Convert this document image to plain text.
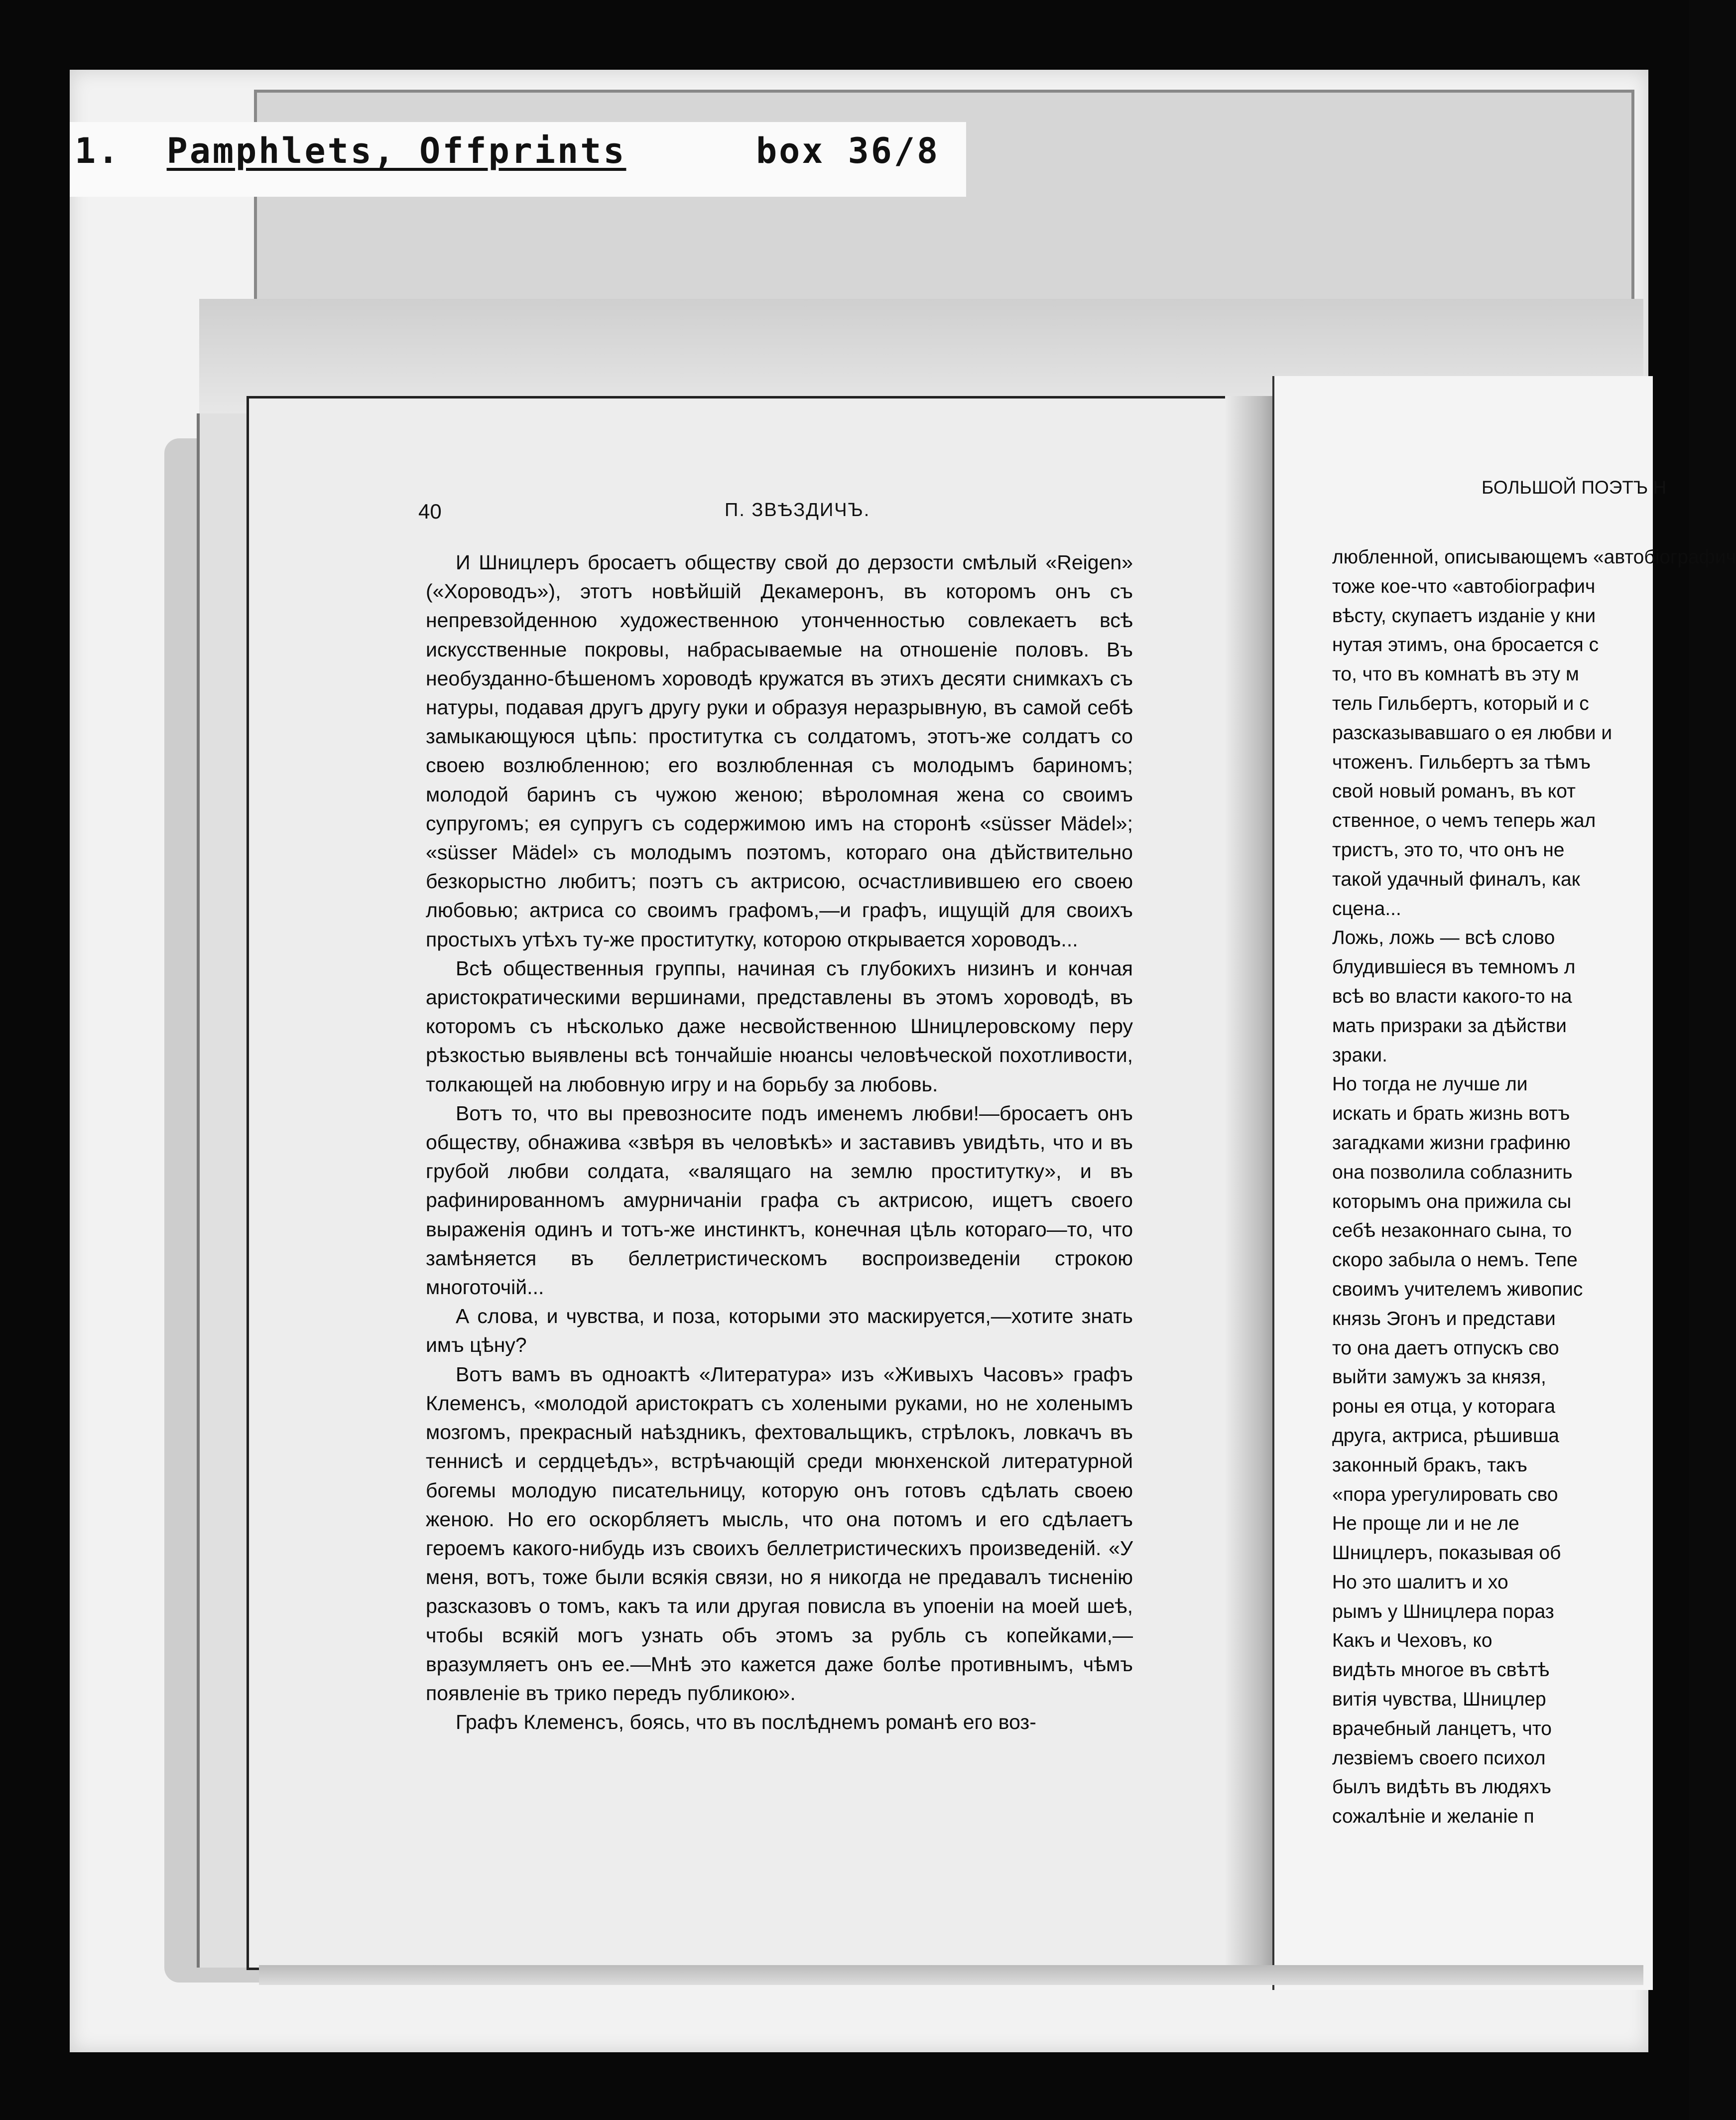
1. Pamphlets, Offprints	box 36/8
40	П. ЗВѢЗДИЧЪ.

И Шницлеръ бросаетъ обществу свой до дерзости смѣлый «Reigen» («Хороводъ»), этотъ новѣйшій Декамеронъ, въ которомъ онъ съ непревзойденною художественною утонченностью совлекаетъ всѣ искусственные покровы, набрасываемые на отношеніе половъ. Въ необузданно-бѣшеномъ хороводѣ кружатся въ этихъ десяти снимкахъ съ натуры, подавая другъ другу руки и образуя неразрывную, въ самой себѣ замыкающуюся цѣпь: проститутка съ солдатомъ, этотъ-же солдатъ со своею возлюбленною; его возлюбленная съ молодымъ бариномъ; молодой баринъ съ чужою женою; вѣроломная жена со своимъ супругомъ; ея супругъ съ содержимою имъ на сторонѣ «süsser Mädel»; «süsser Mädel» съ молодымъ поэтомъ, котораго она дѣйствительно безкорыстно любитъ; поэтъ съ актрисою, осчастливившею его своею любовью; актриса со своимъ графомъ,—и графъ, ищущій для своихъ простыхъ утѣхъ ту-же проститутку, которою открывается хороводъ...

Всѣ общественныя группы, начиная съ глубокихъ низинъ и кончая аристократическими вершинами, представлены въ этомъ хороводѣ, въ которомъ съ нѣсколько даже несвойственною Шницлеровскому перу рѣзкостью выявлены всѣ тончайшіе нюансы человѣческой похотливости, толкающей на любовную игру и на борьбу за любовь.

Вотъ то, что вы превозносите подъ именемъ любви!—бросаетъ онъ обществу, обнажива «звѣря въ человѣкѣ» и заставивъ увидѣть, что и въ грубой любви солдата, «валящаго на землю проститутку», и въ рафинированномъ амурничаніи графа съ актрисою, ищетъ своего выраженія одинъ и тотъ-же инстинктъ, конечная цѣль котораго—то, что замѣняется въ беллетристическомъ воспроизведеніи строкою многоточій...

А слова, и чувства, и поза, которыми это маскируется,—хотите знать имъ цѣну?

Вотъ вамъ въ одноактѣ «Литература» изъ «Живыхъ Часовъ» графъ Клеменсъ, «молодой аристократъ съ холеными руками, но не холенымъ мозгомъ, прекрасный наѣздникъ, фехтовальщикъ, стрѣлокъ, ловкачъ въ теннисѣ и сердцеѣдъ», встрѣчающій среди мюнхенской литературной богемы молодую писательницу, которую онъ готовъ сдѣлать своею женою. Но его оскорбляетъ мысль, что она потомъ и его сдѣлаетъ героемъ какого-нибудь изъ своихъ беллетристическихъ произведеній. «У меня, вотъ, тоже были всякія связи, но я никогда не предавалъ тисненію разсказовъ о томъ, какъ та или другая повисла въ упоеніи на моей шеѣ, чтобы всякій могъ узнать объ этомъ за рубль съ копейками,—вразумляетъ онъ ее.—Мнѣ это кажется даже болѣе противнымъ, чѣмъ появленіе въ трико передъ публикою».

Графъ Клеменсъ, боясь, что въ послѣднемъ романѣ его воз-

БОЛЬШОЙ ПОЭТЪ Н
любленной, описывающемъ «автобіографич
тоже кое-что «автобіографич
вѣсту, скупаетъ изданіе у кни
нутая этимъ, она бросается с
то, что въ комнатѣ въ эту м
тель Гильбертъ, который и с
разсказывавшаго о ея любви и
чтоженъ. Гильбертъ за тѣмъ
свой новый романъ, въ кот
ственное, о чемъ теперь жал
тристъ, это то, что онъ не
такой удачный финалъ, как
сцена...
Ложь, ложь — всѣ слово
блудившіеся въ темномъ л
всѣ во власти какого-то на
мать призраки за дѣйстви
зраки.
Но тогда не лучше ли
искать и брать жизнь вотъ
загадками жизни графиню
она позволила соблазнить
которымъ она прижила сы
себѣ незаконнаго сына, то
скоро забыла о немъ. Тепе
своимъ учителемъ живопис
князь Эгонъ и представи
то она даетъ отпускъ сво
выйти замужъ за князя,
роны ея отца, у которага
друга, актриса, рѣшивша
законный бракъ, такъ
«пора урегулировать сво
Не проще ли и не ле
Шницлеръ, показывая об
Но это шалитъ и хо
рымъ у Шницлера пораз
Какъ и Чеховъ, ко
видѣть многое въ свѣтѣ
витія чувства, Шницлер
врачебный ланцетъ, что
лезвіемъ своего психол
былъ видѣть въ людяхъ
сожалѣніе и желаніе п
